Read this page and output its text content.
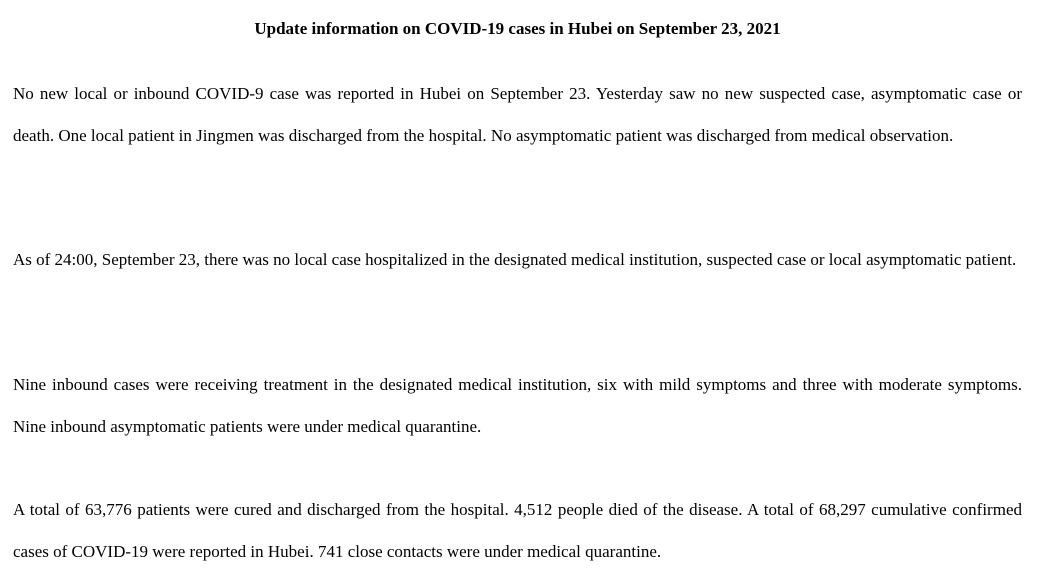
Update information on COVID-19 cases in Hubei on September 23, 2021

No new local or inbound COVID-9 case was reported in Hubei on September 23. Yesterday saw no new suspected case, asymptomatic case or death. One local patient in Jingmen was discharged from the hospital. No asymptomatic patient was discharged from medical observation.

As of 24:00, September 23, there was no local case hospitalized in the designated medical institution, suspected case or local asymptomatic patient.

Nine inbound cases were receiving treatment in the designated medical institution, six with mild symptoms and three with moderate symptoms. Nine inbound asymptomatic patients were under medical quarantine.

A total of 63,776 patients were cured and discharged from the hospital. 4,512 people died of the disease. A total of 68,297 cumulative confirmed cases of COVID-19 were reported in Hubei. 741 close contacts were under medical quarantine.
